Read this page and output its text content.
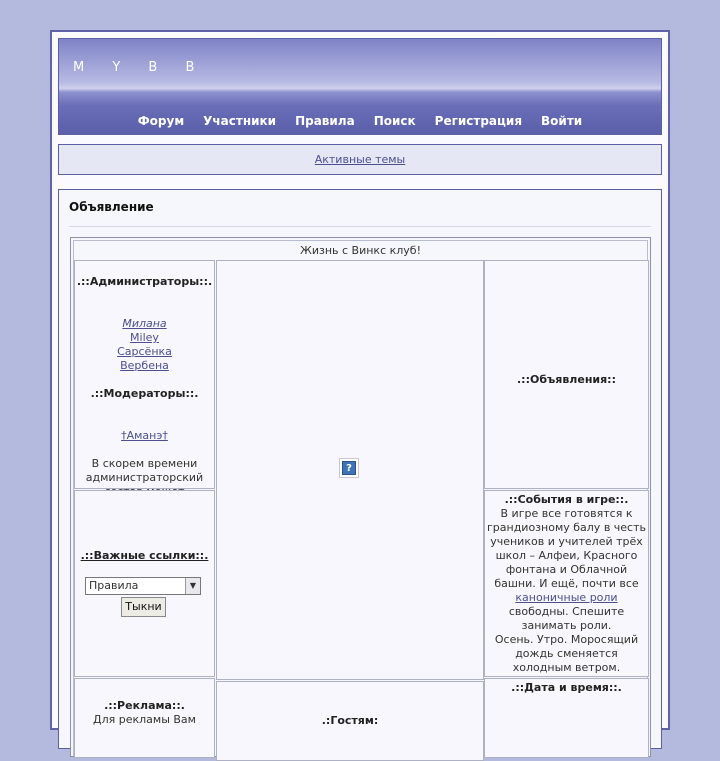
M Y B B
Форум Участники Правила Поиск Регистрация Войти
Активные темы
Объявление
Жизнь с Винкс клуб!
.::Администраторы::.
Милана
Miley
Сарсёнка
Вербена
.::Модераторы::.
†Аманэ†
В скорем времени
администраторский
?
.::Объявления::
.::Важные ссылки::.
Правила	▼
Тыкни
.::События в игре::.
В игре все готовятся к
грандиозному балу в честь
учеников и учителей трёх
школ – Алфеи, Красного
фонтана и Облачной
башни. И ещё, почти все
каноничные роли
свободны. Спешите
занимать роли.
Осень. Утро. Моросящий
дождь сменяется
холодным ветром.
.::Реклама::.
Для рекламы Вам	.:Гостям:
.::Дата и время::.
